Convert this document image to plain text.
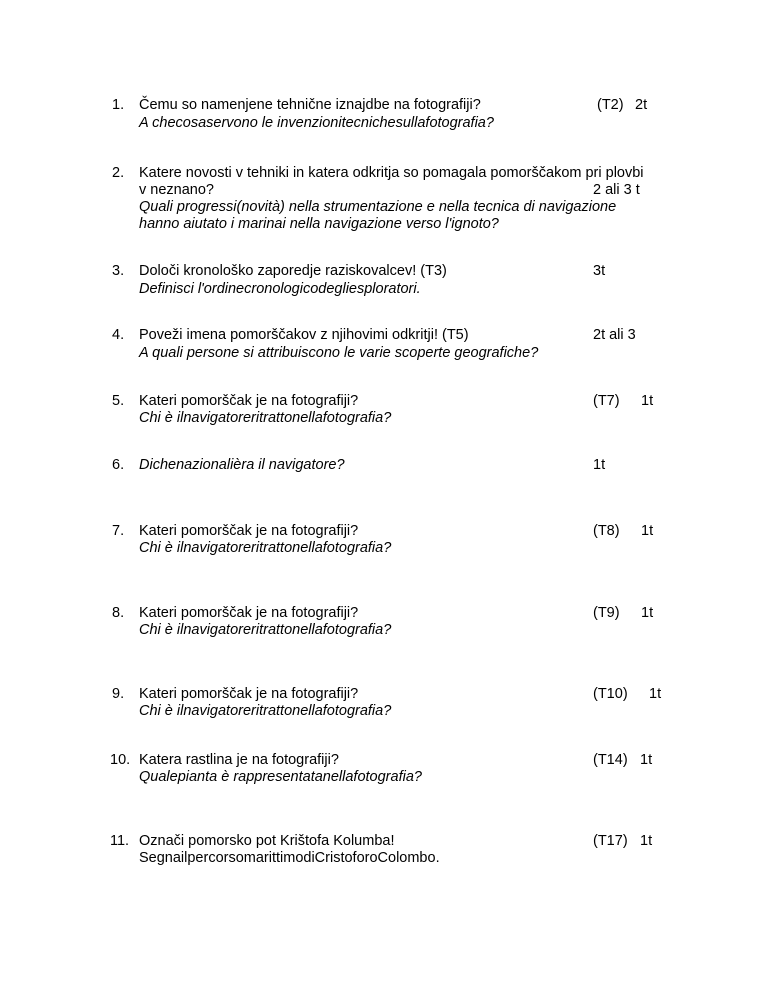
1. Čemu so namenjene tehnične iznajdbe na fotografiji?
A checosaservono le invenzionitecnichesullafotografia?
(T2) 2t
2. Katere novosti v tehniki in katera odkritja so pomagala pomorščakom pri plovbi
v neznano?	2 ali 3 t
Quali progressi(novità) nella strumentazione e nella tecnica di navigazione
hanno aiutato i marinai nella navigazione verso l'ignoto?
3. Določi kronološko zaporedje raziskovalcev! (T3)
Definisci l'ordinecronologicodegliesploratori.
3t
4. Poveži imena pomorščakov z njihovimi odkritji! (T5)
A quali persone si attribuiscono le varie scoperte geografiche?
2t ali 3
5. Kateri pomorščak je na fotografiji?
Chi è ilnavigatoreritrattonellafotografia?
(T7) 1t
6. Dichenazionalièra il navigatore?	1t
7. Kateri pomorščak je na fotografiji?
Chi è ilnavigatoreritrattonellafotografia?
(T8) 1t
8. Kateri pomorščak je na fotografiji?
Chi è ilnavigatoreritrattonellafotografia?
(T9) 1t
9. Kateri pomorščak je na fotografiji?
Chi è ilnavigatoreritrattonellafotografia?
(T10) 1t
10. Katera rastlina je na fotografiji?
Qualepianta è rappresentatanellafotografia?
(T14) 1t
11. Označi pomorsko pot Krištofa Kolumba!
SegnailpercorsomarittimodiCristoforoColombo.
(T17) 1t
